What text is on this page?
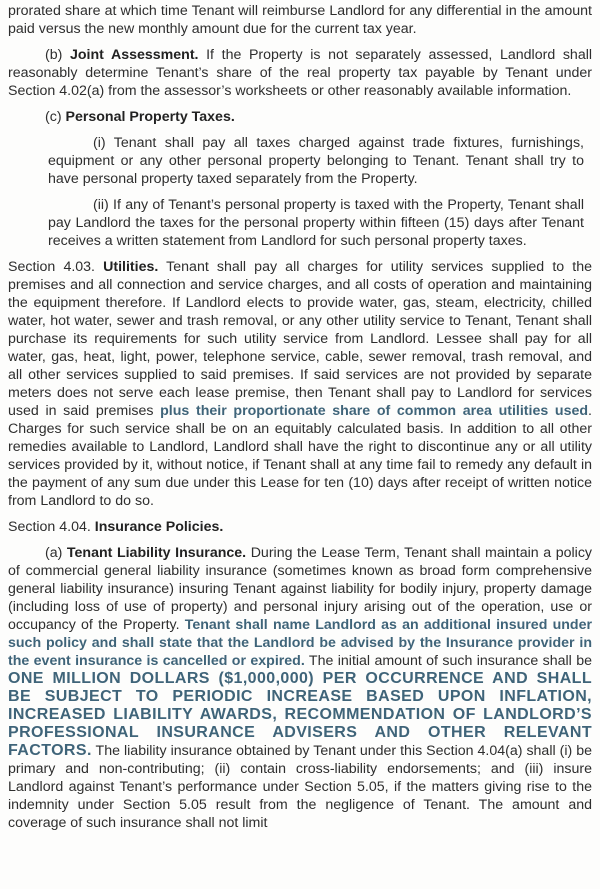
prorated share at which time Tenant will reimburse Landlord for any differential in the amount paid versus the new monthly amount due for the current tax year.

(b) Joint Assessment. If the Property is not separately assessed, Landlord shall reasonably determine Tenant’s share of the real property tax payable by Tenant under Section 4.02(a) from the assessor’s worksheets or other reasonably available information.

(c) Personal Property Taxes.

(i) Tenant shall pay all taxes charged against trade fixtures, furnishings, equipment or any other personal property belonging to Tenant. Tenant shall try to have personal property taxed separately from the Property.

(ii) If any of Tenant’s personal property is taxed with the Property, Tenant shall pay Landlord the taxes for the personal property within fifteen (15) days after Tenant receives a written statement from Landlord for such personal property taxes.

Section 4.03. Utilities. Tenant shall pay all charges for utility services supplied to the premises and all connection and service charges, and all costs of operation and maintaining the equipment therefore. If Landlord elects to provide water, gas, steam, electricity, chilled water, hot water, sewer and trash removal, or any other utility service to Tenant, Tenant shall purchase its requirements for such utility service from Landlord. Lessee shall pay for all water, gas, heat, light, power, telephone service, cable, sewer removal, trash removal, and all other services supplied to said premises. If said services are not provided by separate meters does not serve each lease premise, then Tenant shall pay to Landlord for services used in said premises plus their proportionate share of common area utilities used. Charges for such service shall be on an equitably calculated basis. In addition to all other remedies available to Landlord, Landlord shall have the right to discontinue any or all utility services provided by it, without notice, if Tenant shall at any time fail to remedy any default in the payment of any sum due under this Lease for ten (10) days after receipt of written notice from Landlord to do so.

Section 4.04. Insurance Policies.

(a) Tenant Liability Insurance. During the Lease Term, Tenant shall maintain a policy of commercial general liability insurance (sometimes known as broad form comprehensive general liability insurance) insuring Tenant against liability for bodily injury, property damage (including loss of use of property) and personal injury arising out of the operation, use or occupancy of the Property. Tenant shall name Landlord as an additional insured under such policy and shall state that the Landlord be advised by the Insurance provider in the event insurance is cancelled or expired. The initial amount of such insurance shall be ONE MILLION DOLLARS ($1,000,000) PER OCCURRENCE AND SHALL BE SUBJECT TO PERIODIC INCREASE BASED UPON INFLATION, INCREASED LIABILITY AWARDS, RECOMMENDATION OF LANDLORD’S PROFESSIONAL INSURANCE ADVISERS AND OTHER RELEVANT FACTORS. The liability insurance obtained by Tenant under this Section 4.04(a) shall (i) be primary and non-contributing; (ii) contain cross-liability endorsements; and (iii) insure Landlord against Tenant’s performance under Section 5.05, if the matters giving rise to the indemnity under Section 5.05 result from the negligence of Tenant. The amount and coverage of such insurance shall not limit
